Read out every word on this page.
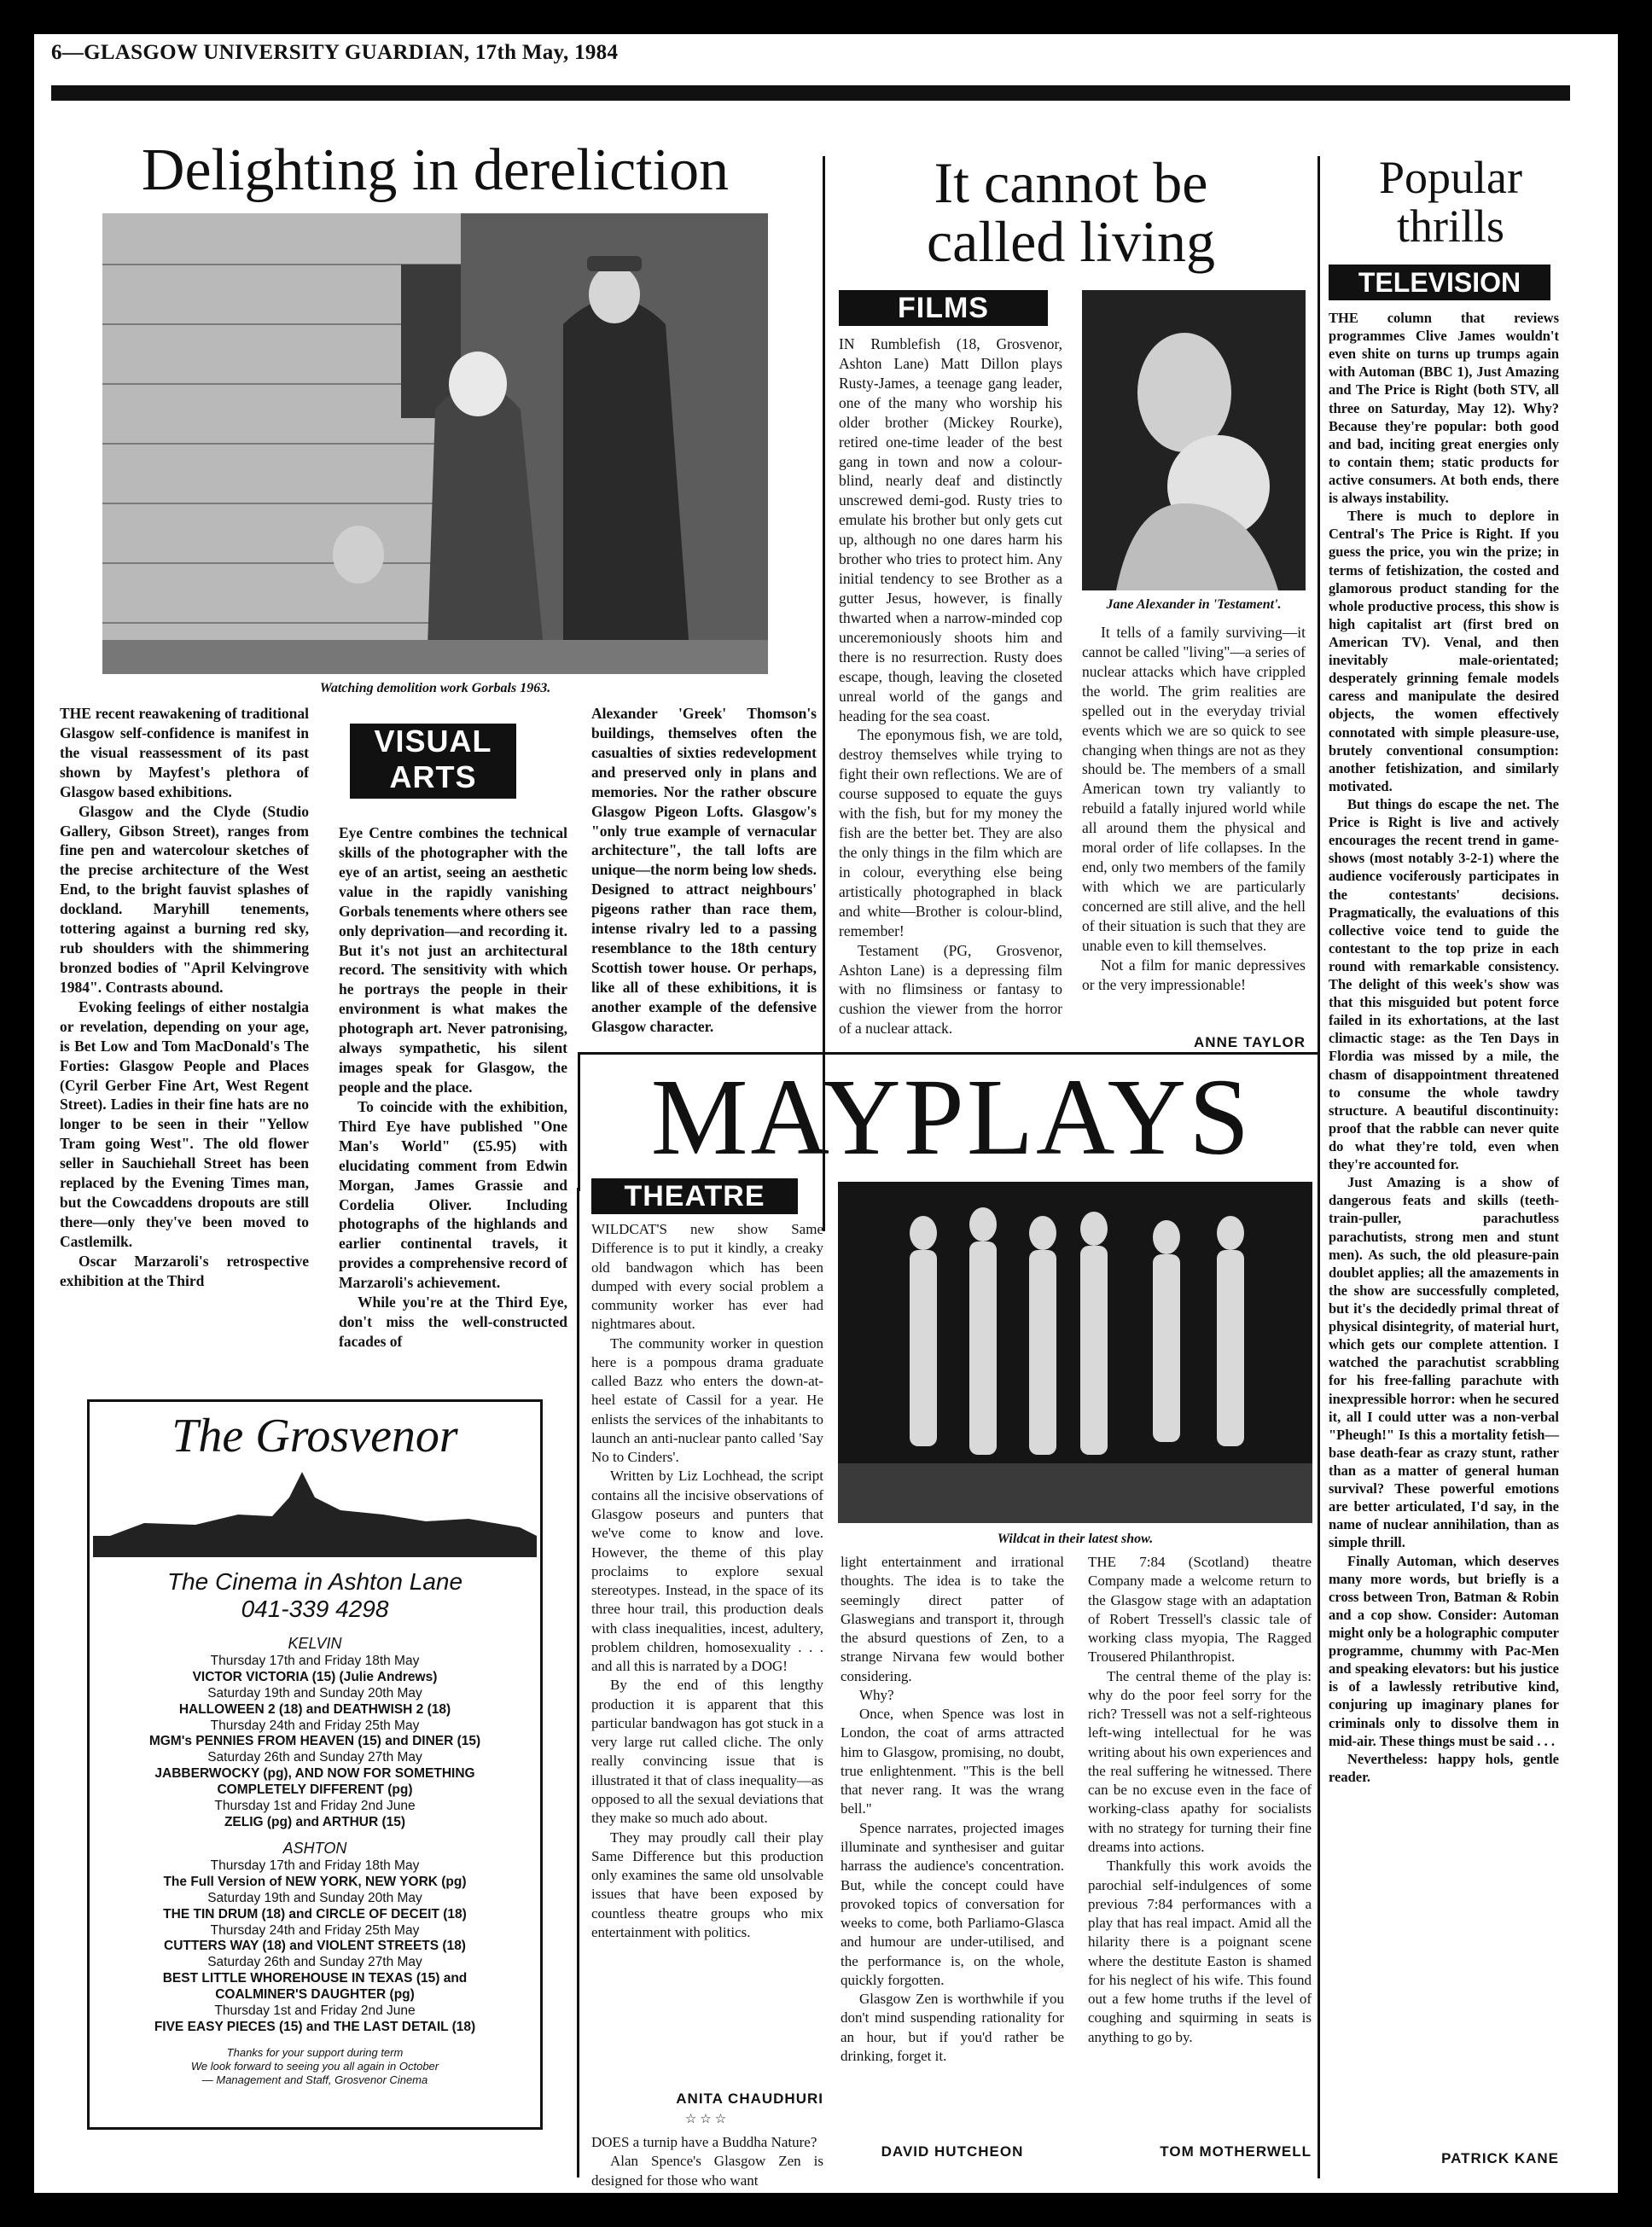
6—GLASGOW UNIVERSITY GUARDIAN, 17th May, 1984
Delighting in dereliction
Watching demolition work Gorbals 1963.

THE recent reawakening of traditional Glasgow self-confidence is manifest in the visual reassessment of its past shown by Mayfest's plethora of Glasgow based exhibitions.

Glasgow and the Clyde (Studio Gallery, Gibson Street), ranges from fine pen and watercolour sketches of the precise architecture of the West End, to the bright fauvist splashes of dockland. Maryhill tenements, tottering against a burning red sky, rub shoulders with the shimmering bronzed bodies of "April Kelvingrove 1984". Contrasts abound.

Evoking feelings of either nostalgia or revelation, depending on your age, is Bet Low and Tom MacDonald's The Forties: Glasgow People and Places (Cyril Gerber Fine Art, West Regent Street). Ladies in their fine hats are no longer to be seen in their "Yellow Tram going West". The old flower seller in Sauchiehall Street has been replaced by the Evening Times man, but the Cowcaddens dropouts are still there—only they've been moved to Castlemilk.

Oscar Marzaroli's retrospective exhibition at the Third

VISUAL
ARTS

Eye Centre combines the technical skills of the photographer with the eye of an artist, seeing an aesthetic value in the rapidly vanishing Gorbals tenements where others see only deprivation—and recording it. But it's not just an architectural record. The sensitivity with which he portrays the people in their environment is what makes the photograph art. Never patronising, always sympathetic, his silent images speak for Glasgow, the people and the place.

To coincide with the exhibition, Third Eye have published "One Man's World" (£5.95) with elucidating comment from Edwin Morgan, James Grassie and Cordelia Oliver. Including photographs of the highlands and earlier continental travels, it provides a comprehensive record of Marzaroli's achievement.

While you're at the Third Eye, don't miss the well-constructed facades of

Alexander 'Greek' Thomson's buildings, themselves often the casualties of sixties redevelopment and preserved only in plans and memories. Nor the rather obscure Glasgow Pigeon Lofts. Glasgow's "only true example of vernacular architecture", the tall lofts are unique—the norm being low sheds. Designed to attract neighbours' pigeons rather than race them, intense rivalry led to a passing resemblance to the 18th century Scottish tower house. Or perhaps, like all of these exhibitions, it is another example of the defensive Glasgow character.

The Grosvenor
The Cinema in Ashton Lane
041-339 4298
KELVIN
Thursday 17th and Friday 18th May
VICTOR VICTORIA (15) (Julie Andrews)
Saturday 19th and Sunday 20th May
HALLOWEEN 2 (18) and DEATHWISH 2 (18)
Thursday 24th and Friday 25th May
MGM's PENNIES FROM HEAVEN (15) and DINER (15)
Saturday 26th and Sunday 27th May
JABBERWOCKY (pg), AND NOW FOR SOMETHING COMPLETELY DIFFERENT (pg)
Thursday 1st and Friday 2nd June
ZELIG (pg) and ARTHUR (15)
ASHTON
Thursday 17th and Friday 18th May
The Full Version of NEW YORK, NEW YORK (pg)
Saturday 19th and Sunday 20th May
THE TIN DRUM (18) and CIRCLE OF DECEIT (18)
Thursday 24th and Friday 25th May
CUTTERS WAY (18) and VIOLENT STREETS (18)
Saturday 26th and Sunday 27th May
BEST LITTLE WHOREHOUSE IN TEXAS (15) and COALMINER'S DAUGHTER (pg)
Thursday 1st and Friday 2nd June
FIVE EASY PIECES (15) and THE LAST DETAIL (18)
Thanks for your support during term
We look forward to seeing you all again in October
— Management and Staff, Grosvenor Cinema
It cannot be
called living
FILMS

IN Rumblefish (18, Grosvenor, Ashton Lane) Matt Dillon plays Rusty-James, a teenage gang leader, one of the many who worship his older brother (Mickey Rourke), retired one-time leader of the best gang in town and now a colour-blind, nearly deaf and distinctly unscrewed demi-god. Rusty tries to emulate his brother but only gets cut up, although no one dares harm his brother who tries to protect him. Any initial tendency to see Brother as a gutter Jesus, however, is finally thwarted when a narrow-minded cop unceremoniously shoots him and there is no resurrection. Rusty does escape, though, leaving the closeted unreal world of the gangs and heading for the sea coast.

The eponymous fish, we are told, destroy themselves while trying to fight their own reflections. We are of course supposed to equate the guys with the fish, but for my money the fish are the better bet. They are also the only things in the film which are in colour, everything else being artistically photographed in black and white—Brother is colour-blind, remember!

Testament (PG, Grosvenor, Ashton Lane) is a depressing film with no flimsiness or fantasy to cushion the viewer from the horror of a nuclear attack.

Jane Alexander in 'Testament'.

It tells of a family surviving—it cannot be called "living"—a series of nuclear attacks which have crippled the world. The grim realities are spelled out in the everyday trivial events which we are so quick to see changing when things are not as they should be. The members of a small American town try valiantly to rebuild a fatally injured world while all around them the physical and moral order of life collapses. In the end, only two members of the family with which we are particularly concerned are still alive, and the hell of their situation is such that they are unable even to kill themselves.

Not a film for manic depressives or the very impressionable!

ANNE TAYLOR
MAYPLAYS
THEATRE
Wildcat in their latest show.

WILDCAT'S new show Same Difference is to put it kindly, a creaky old bandwagon which has been dumped with every social problem a community worker has ever had nightmares about.

The community worker in question here is a pompous drama graduate called Bazz who enters the down-at-heel estate of Cassil for a year. He enlists the services of the inhabitants to launch an anti-nuclear panto called 'Say No to Cinders'.

Written by Liz Lochhead, the script contains all the incisive observations of Glasgow poseurs and punters that we've come to know and love. However, the theme of this play proclaims to explore sexual stereotypes. Instead, in the space of its three hour trail, this production deals with class inequalities, incest, adultery, problem children, homosexuality . . . and all this is narrated by a DOG!

By the end of this lengthy production it is apparent that this particular bandwagon has got stuck in a very large rut called cliche. The only really convincing issue that is illustrated it that of class inequality—as opposed to all the sexual deviations that they make so much ado about.

They may proudly call their play Same Difference but this production only examines the same old unsolvable issues that have been exposed by countless theatre groups who mix entertainment with politics.

ANITA CHAUDHURI
☆☆☆

DOES a turnip have a Buddha Nature?

Alan Spence's Glasgow Zen is designed for those who want

light entertainment and irrational thoughts. The idea is to take the seemingly direct patter of Glaswegians and transport it, through the absurd questions of Zen, to a strange Nirvana few would bother considering.

Why?

Once, when Spence was lost in London, the coat of arms attracted him to Glasgow, promising, no doubt, true enlightenment. "This is the bell that never rang. It was the wrang bell."

Spence narrates, projected images illuminate and synthesiser and guitar harrass the audience's concentration. But, while the concept could have provoked topics of conversation for weeks to come, both Parliamo-Glasca and humour are under-utilised, and the performance is, on the whole, quickly forgotten.

Glasgow Zen is worthwhile if you don't mind suspending rationality for an hour, but if you'd rather be drinking, forget it.

DAVID HUTCHEON

THE 7:84 (Scotland) theatre Company made a welcome return to the Glasgow stage with an adaptation of Robert Tressell's classic tale of working class myopia, The Ragged Trousered Philanthropist.

The central theme of the play is: why do the poor feel sorry for the rich? Tressell was not a self-righteous left-wing intellectual for he was writing about his own experiences and the real suffering he witnessed. There can be no excuse even in the face of working-class apathy for socialists with no strategy for turning their fine dreams into actions.

Thankfully this work avoids the parochial self-indulgences of some previous 7:84 performances with a play that has real impact. Amid all the hilarity there is a poignant scene where the destitute Easton is shamed for his neglect of his wife. This found out a few home truths if the level of coughing and squirming in seats is anything to go by.

TOM MOTHERWELL
Popular
thrills
TELEVISION

THE column that reviews programmes Clive James wouldn't even shite on turns up trumps again with Automan (BBC 1), Just Amazing and The Price is Right (both STV, all three on Saturday, May 12). Why? Because they're popular: both good and bad, inciting great energies only to contain them; static products for active consumers. At both ends, there is always instability.

There is much to deplore in Central's The Price is Right. If you guess the price, you win the prize; in terms of fetishization, the costed and glamorous product standing for the whole productive process, this show is high capitalist art (first bred on American TV). Venal, and then inevitably male-orientated; desperately grinning female models caress and manipulate the desired objects, the women effectively connotated with simple pleasure-use, brutely conventional consumption: another fetishization, and similarly motivated.

But things do escape the net. The Price is Right is live and actively encourages the recent trend in game-shows (most notably 3-2-1) where the audience vociferously participates in the contestants' decisions. Pragmatically, the evaluations of this collective voice tend to guide the contestant to the top prize in each round with remarkable consistency. The delight of this week's show was that this misguided but potent force failed in its exhortations, at the last climactic stage: as the Ten Days in Flordia was missed by a mile, the chasm of disappointment threatened to consume the whole tawdry structure. A beautiful discontinuity: proof that the rabble can never quite do what they're told, even when they're accounted for.

Just Amazing is a show of dangerous feats and skills (teeth-train-puller, parachutless parachutists, strong men and stunt men). As such, the old pleasure-pain doublet applies; all the amazements in the show are successfully completed, but it's the decidedly primal threat of physical disintegrity, of material hurt, which gets our complete attention. I watched the parachutist scrabbling for his free-falling parachute with inexpressible horror: when he secured it, all I could utter was a non-verbal "Pheugh!" Is this a mortality fetish—base death-fear as crazy stunt, rather than as a matter of general human survival? These powerful emotions are better articulated, I'd say, in the name of nuclear annihilation, than as simple thrill.

Finally Automan, which deserves many more words, but briefly is a cross between Tron, Batman & Robin and a cop show. Consider: Automan might only be a holographic computer programme, chummy with Pac-Men and speaking elevators: but his justice is of a lawlessly retributive kind, conjuring up imaginary planes for criminals only to dissolve them in mid-air. These things must be said . . .

Nevertheless: happy hols, gentle reader.

PATRICK KANE
